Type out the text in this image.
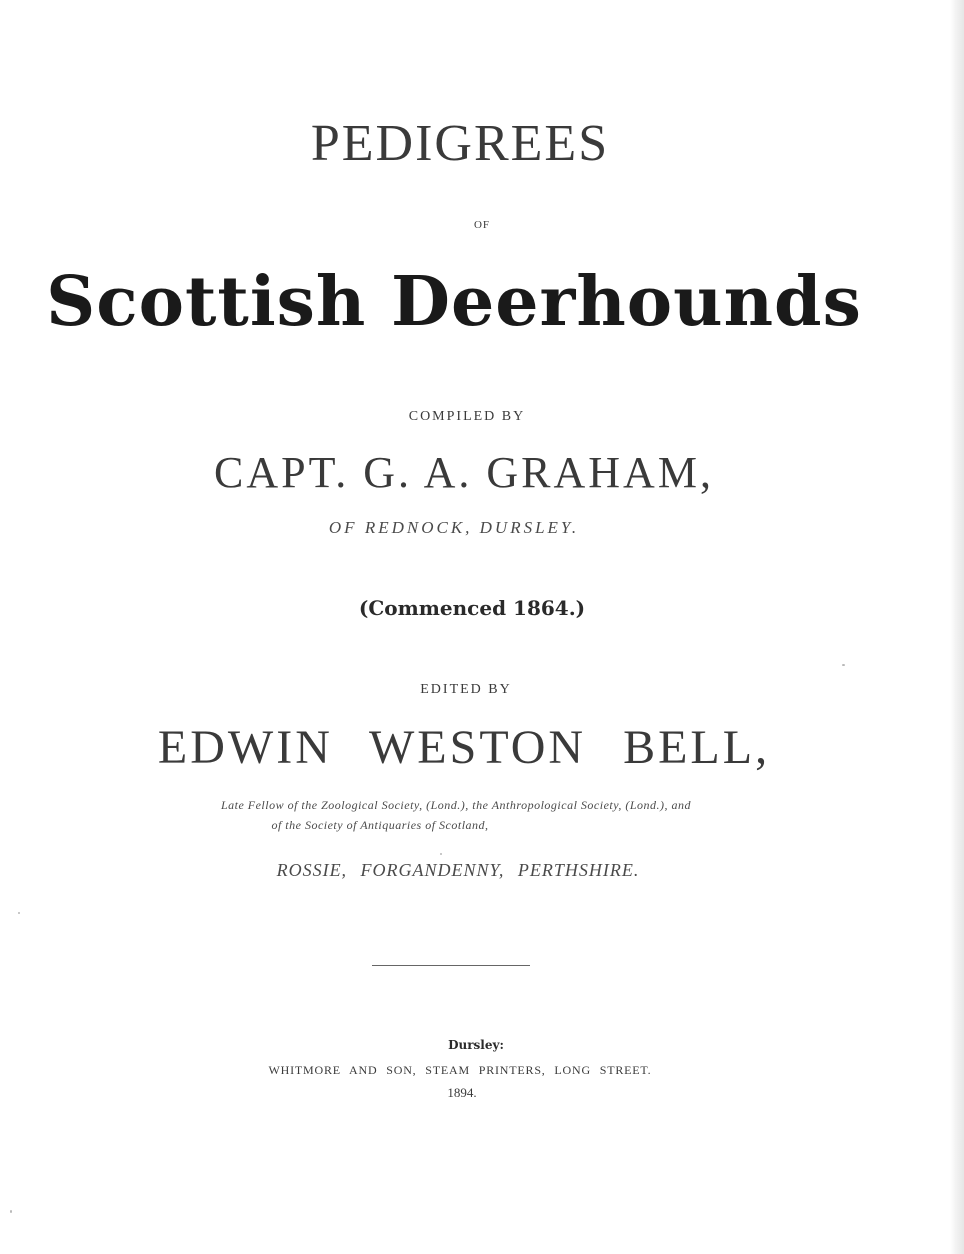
PEDIGREES
OF
Scottish Deerhounds
COMPILED BY
CAPT. G. A. GRAHAM,
OF REDNOCK, DURSLEY.
(Commenced 1864.)
EDITED BY
EDWIN WESTON BELL,
Late Fellow of the Zoological Society, (Lond.), the Anthropological Society, (Lond.), and
of the Society of Antiquaries of Scotland,
ROSSIE, FORGANDENNY, PERTHSHIRE.
Dursley:
WHITMORE AND SON, STEAM PRINTERS, LONG STREET.
1894.
